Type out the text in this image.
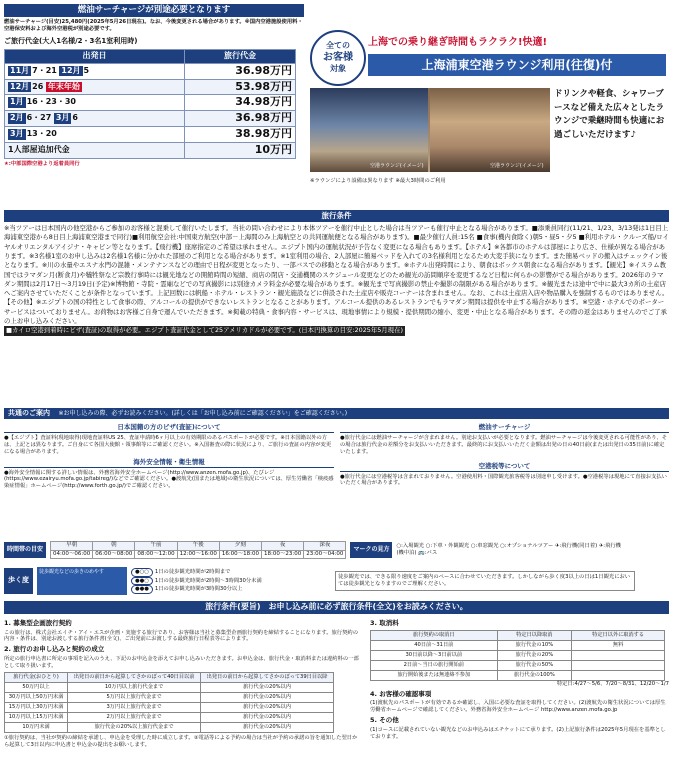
燃油サーチャージが別途必要となります
燃油サーチャージ(目安)25,480円(2025年5月26日現在)。なお、今後変更される場合があります。※国内空港施設使用料・空港保安料および海外空港税が別途必要です。
ご旅行代金(大人1名様/2・3名1室利用時)
出発日	旅行代金
11月 7・21 12月 5	36.98万円
12月 26 年末年始	53.98万円
1月 16・23・30	34.98万円
2月 6・27 3月 6	36.98万円
3月 13・20	38.98万円
1人部屋追加代金	10万円
★:中部国際空港より返着員同行
全ての
お客様
対象
上海での乗り継ぎ時間もラクラク!快適!
上海浦東空港ラウンジ利用(往復)付
空港ラウンジ(イメージ)	空港ラウンジ(イメージ)
ドリンクや軽食、シャワーブースなど備えた広々としたラウンジで乗継時間も快適にお過ごしいただけます♪
※ラウンジにより設備は異なります ※最大3時間のご利用
旅行条件
※当ツアーは日本国内の他空港からご参加のお客様と混乗して催行いたします。当社の問い合わせにより本体ツアーを催行中止とした場合は当ツアーも催行中止となる場合があります。■添乗員同行(11/21、1/23、3/13発は1日目上海浦東空港から8日目上海浦東空港まで同行)■利用航空会社:中国東方航空(中部－上海間のみ上海航空との共同運航便となる場合があります)。■最少催行人員:15名 ■食事(機内食除く)朝5・昼5・夕5 ■利用ホテル・クルーズ船/ロイヤルオリエンタルアイジナ・キャビン等となります。【飛行機】座席指定のご希望は承れません。エジプト国内の運航状況が予告なく変更になる場合もあります。【ホテル】※各都市のホテルは部屋により広さ、仕様が異なる場合があります。※3名様1室のお申し込みは2名様1名様に分かれた部屋のご利用となる場合があります。※1室利用の場合、2人部屋に簡易ベッドを入れての3名様利用となるため大変手狭になります。また簡易ベッドの搬入はチェックイン後となります。※川の水量やエスナ水門の混雑・メンテナンスなどの理由で日程が変更となったり、一部バスでの移動となる場合があります。※ホテル出発時間により、朝食はボックス朝食になる場合があります。【観光】※イスラム教国ではラマダン月(断食月)や犠牲祭など宗教行事時には観光地などの開館時間の短縮、商店の閉店・交通機関のスケジュール変更などのため観光の訪問順序を変更するなど日程に何らかの影響がでる場合があります。2026年のラマダン期間は2月17日～3月19日(予定)※博物館・寺院・霊廟などでの写真撮影には別途カメラ料金が必要な場合があります。※観光まで写真撮影の禁止や撮影の制限がある場合があります。※観光または途中で中に最大3カ所の土産店へご案内させていただくことが条件となっています。上記回数には帆船・ホテル・レストラン・観光施設などに併設された土産店や販売コーナーは含まれません。なお、これは土産店入店や物品購入を強制するものではありません。【その他】※エジプトの国の特性として食事の際、アルコールの提供ができないレストランとなることがあります。アルコール提供のあるレストランでもラマダン期間は提供を中止する場合があります。※空港・ホテルでのポーターサービスはついておりません。お荷物はお客様ご自身で運んでいただきます。※掲載の特典・食事内容・サービスは、現地事情により規模・提供期間の縮小、変更・中止となる場合があります。その際の返金はありませんのでご了承の上お申し込みください。
■カイロ空港到着時にビザ(査証)の取得が必要。エジプト査証代金として25アメリカドルが必要です。(日本円換算の目安:2025年5月現在)
共通のご案内 ※お申し込みの際、必ずお読みください。(詳しくは「お申し込み前にご確認ください」をご確認ください。)
日本国籍の方のビザ(査証)について
●【エジプト】査証料(現地取得)現地査証料US 25、査証申請時6ヶ月以上の有効期限のあるパスポートが必要です。※日本国籍以外の方は、上記とは異なります。ご自身にて各国大使館・領事館等にご確認ください。※入国審査の際に状況により、ご旅行の査証の内容が変更になる場合があります。
海外安全情報・衛生情報
●海外安全情報に関する詳しい情報は、外務省海外安全ホームページ(http://www.anzen.mofa.go.jp)、たびレジ(https://www.ezairyu.mofa.go.jp/tabireg/)などでご確認ください。●渡航先(国または地域)の衛生状況については、厚生労働省「検疫感染症情報」ホームページ(http://www.forth.go.jp/)でご確認ください。
燃油サーチャージ
●旅行代金には燃油サーチャージが含まれません。別途お支払いが必要となります。燃油サーチャージは今後変更される可能性があり、その場合は旅行代金の差額分をお支払いいただきます。最終的にお支払いいただく金額は出発の日の40日前(または出発日の35日前)に確定いたします。
空港税等について
●旅行代金には空港税等は含まれておりません。空港使用料・国際観光旅客税等は別途申し受けます。●空港税等は現地にて直接お支払いいただく場合があります。
時間帯の目安
早朝	朝	午前	午後	夕刻	夜	深夜
04:00～06:00	06:00～08:00	08:00～12:00	12:00～16:00	16:00～18:00	18:00～23:00	23:00～04:00
マークの見方	○:入場観光 ○:下車・外観観光 ○:車窓観光 ○:オプショナルツアー ✈:飛行機(同日着) ✈:飛行機(機中泊) 🚌:バス
歩く度
徒歩観光などの歩きのめやす	●○○ 1日の徒歩観光時間が2時間まで
●●○ 1日の徒歩観光時間が2時間～3時間30分未満
●●● 1日の徒歩観光時間が3時間30分以上
徒歩観光では、できる限り速度をご案内のペースに合わせていただきます。しかしながら歩く度3以上の日は1日観光においては徒歩観光となりますのでご理解ください。
旅行条件(要旨)　お申し込み前に必ず旅行条件(全文)をお読みください。
1. 募集型企画旅行契約
この旅行は、株式会社エイチ・アイ・エスが企画・実施する旅行であり、お客様は当社と募集型企画旅行契約を締結することになります。旅行契約の内容・条件は、別途お渡しする旅行条件書(全文)、ご出発前にお渡しする最終旅行日程表等によります。
2. 旅行のお申し込みと契約の成立
所定の旅行申込書に所定の事項を記入のうえ、下記のお申込金を添えてお申し込みいただきます。お申込金は、旅行代金・取消料または違約料の一部として取り扱います。
旅行代金(おひとり)	出発日の前日から起算してさかのぼって40日目以前	出発日の前日から起算してさかのぼって39日目以降
50万円以上	10万円以上旅行代金まで	旅行代金の20%以内
30万円以上50万円未満	5万円以上旅行代金まで	旅行代金の20%以内
15万円以上30万円未満	3万円以上旅行代金まで	旅行代金の20%以内
10万円以上15万円未満	2万円以上旅行代金まで	旅行代金の20%以内
10万円未満	旅行代金の20%以上旅行代金まで	旅行代金の20%以内
①旅行契約は、当社が契約の締結を承諾し、申込金を受理した時に成立します。②電話等による予約の場合は当社が予約の承諾の旨を通知した翌日から起算して3日以内に申込書と申込金の提出をお願いします。
3. 取消料
旅行契約の取消日	特定日以降取消	特定日以外に取消する
40日前～31日前	旅行代金の10%	無料
30日前以降～3日前以前	旅行代金の20%	
2日前～当日の旅行開始前	旅行代金の50%	
旅行開始後または無連絡不参加	旅行代金の100%	
特定日:4/27～5/6、7/20～8/31、12/20～1/7
4. お客様の確認事項
(1)渡航先のパスポートが有効であるか確認し、入国に必要な査証を取得してください。(2)渡航先の衛生状況については厚生労働省ホームページで確認してください。外務省海外安全ホームページ http://www.anzen.mofa.go.jp
5. その他
(1)コースに記載されていない観光などのお申込みはエチケットにて承ります。(2)上記旅行条件は2025年5月現在を基準としております。
